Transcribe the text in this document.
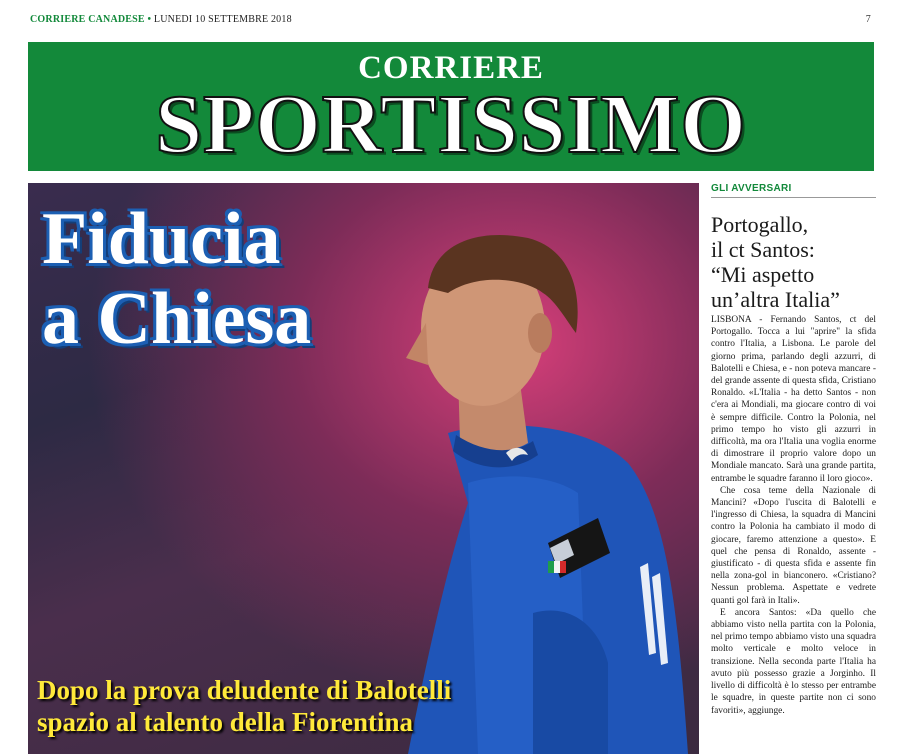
CORRIERE CANADESE • LUNEDI 10 SETTEMBRE 2018	7
CORRIERE
SPORTISSIMO
Fiducia
a Chiesa
Dopo la prova deludente di Balotelli
spazio al talento della Fiorentina
GLI AVVERSARI
Portogallo,
il ct Santos:
“Mi aspetto
un’altra Italia”

LISBONA - Fernando Santos, ct del Portogallo. Tocca a lui "aprire" la sfida contro l'Italia, a Lisbona. Le parole del giorno prima, parlando degli azzurri, di Balotelli e Chiesa, e - non poteva mancare - del grande assente di questa sfida, Cristiano Ronaldo. «L'Italia - ha detto Santos - non c'era ai Mondiali, ma giocare contro di voi è sempre difficile. Contro la Polonia, nel primo tempo ho visto gli azzurri in difficoltà, ma ora l'Italia una voglia enorme di dimostrare il proprio valore dopo un Mondiale mancato. Sarà una grande partita, entrambe le squadre faranno il loro gioco».

Che cosa teme della Nazionale di Mancini? «Dopo l'uscita di Balotelli e l'ingresso di Chiesa, la squadra di Mancini contro la Polonia ha cambiato il modo di giocare, faremo attenzione a questo». E quel che pensa di Ronaldo, assente - giustificato - di questa sfida e assente fin nella zona-gol in bianconero. «Cristiano? Nessun problema. Aspettate e vedrete quanti gol farà in Itali».

E ancora Santos: «Da quello che abbiamo visto nella partita con la Polonia, nel primo tempo abbiamo visto una squadra molto verticale e molto veloce in transizione. Nella seconda parte l'Italia ha avuto più possesso grazie a Jorginho. Il livello di difficoltà è lo stesso per entrambe le squadre, in queste partite non ci sono favoriti», aggiunge.
